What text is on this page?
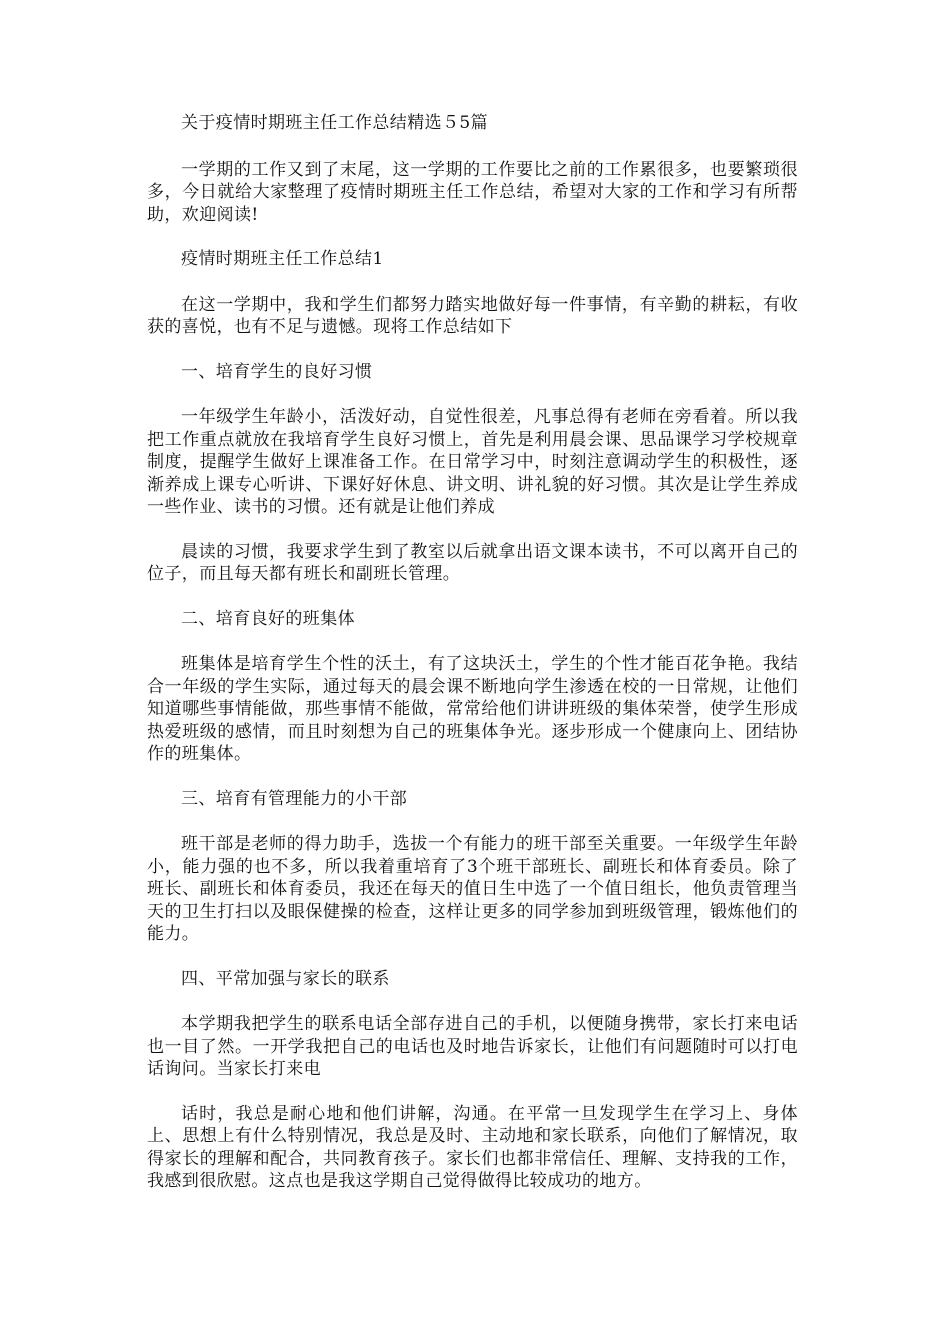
关于疫情时期班主任工作总结精选５5篇

一学期的工作又到了末尾，这一学期的工作要比之前的工作累很多，也要繁琐很多，今日就给大家整理了疫情时期班主任工作总结，希望对大家的工作和学习有所帮助，欢迎阅读!

疫情时期班主任工作总结1

在这一学期中，我和学生们都努力踏实地做好每一件事情，有辛勤的耕耘，有收获的喜悦，也有不足与遗憾。现将工作总结如下

一、培育学生的良好习惯

一年级学生年龄小，活泼好动，自觉性很差，凡事总得有老师在旁看着。所以我把工作重点就放在我培育学生良好习惯上，首先是利用晨会课、思品课学习学校规章制度，提醒学生做好上课准备工作。在日常学习中，时刻注意调动学生的积极性，逐渐养成上课专心听讲、下课好好休息、讲文明、讲礼貌的好习惯。其次是让学生养成一些作业、读书的习惯。还有就是让他们养成

晨读的习惯，我要求学生到了教室以后就拿出语文课本读书，不可以离开自己的位子，而且每天都有班长和副班长管理。

二、培育良好的班集体

班集体是培育学生个性的沃土，有了这块沃土，学生的个性才能百花争艳。我结合一年级的学生实际，通过每天的晨会课不断地向学生渗透在校的一日常规，让他们知道哪些事情能做，那些事情不能做，常常给他们讲讲班级的集体荣誉，使学生形成热爱班级的感情，而且时刻想为自己的班集体争光。逐步形成一个健康向上、团结协作的班集体。

三、培育有管理能力的小干部

班干部是老师的得力助手，选拔一个有能力的班干部至关重要。一年级学生年龄小，能力强的也不多，所以我着重培育了3个班干部班长、副班长和体育委员。除了班长、副班长和体育委员，我还在每天的值日生中选了一个值日组长，他负责管理当天的卫生打扫以及眼保健操的检查，这样让更多的同学参加到班级管理，锻炼他们的能力。

四、平常加强与家长的联系

本学期我把学生的联系电话全部存进自己的手机，以便随身携带，家长打来电话也一目了然。一开学我把自己的电话也及时地告诉家长，让他们有问题随时可以打电话询问。当家长打来电

话时，我总是耐心地和他们讲解，沟通。在平常一旦发现学生在学习上、身体上、思想上有什么特别情况，我总是及时、主动地和家长联系，向他们了解情况，取得家长的理解和配合，共同教育孩子。家长们也都非常信任、理解、支持我的工作，我感到很欣慰。这点也是我这学期自己觉得做得比较成功的地方。
